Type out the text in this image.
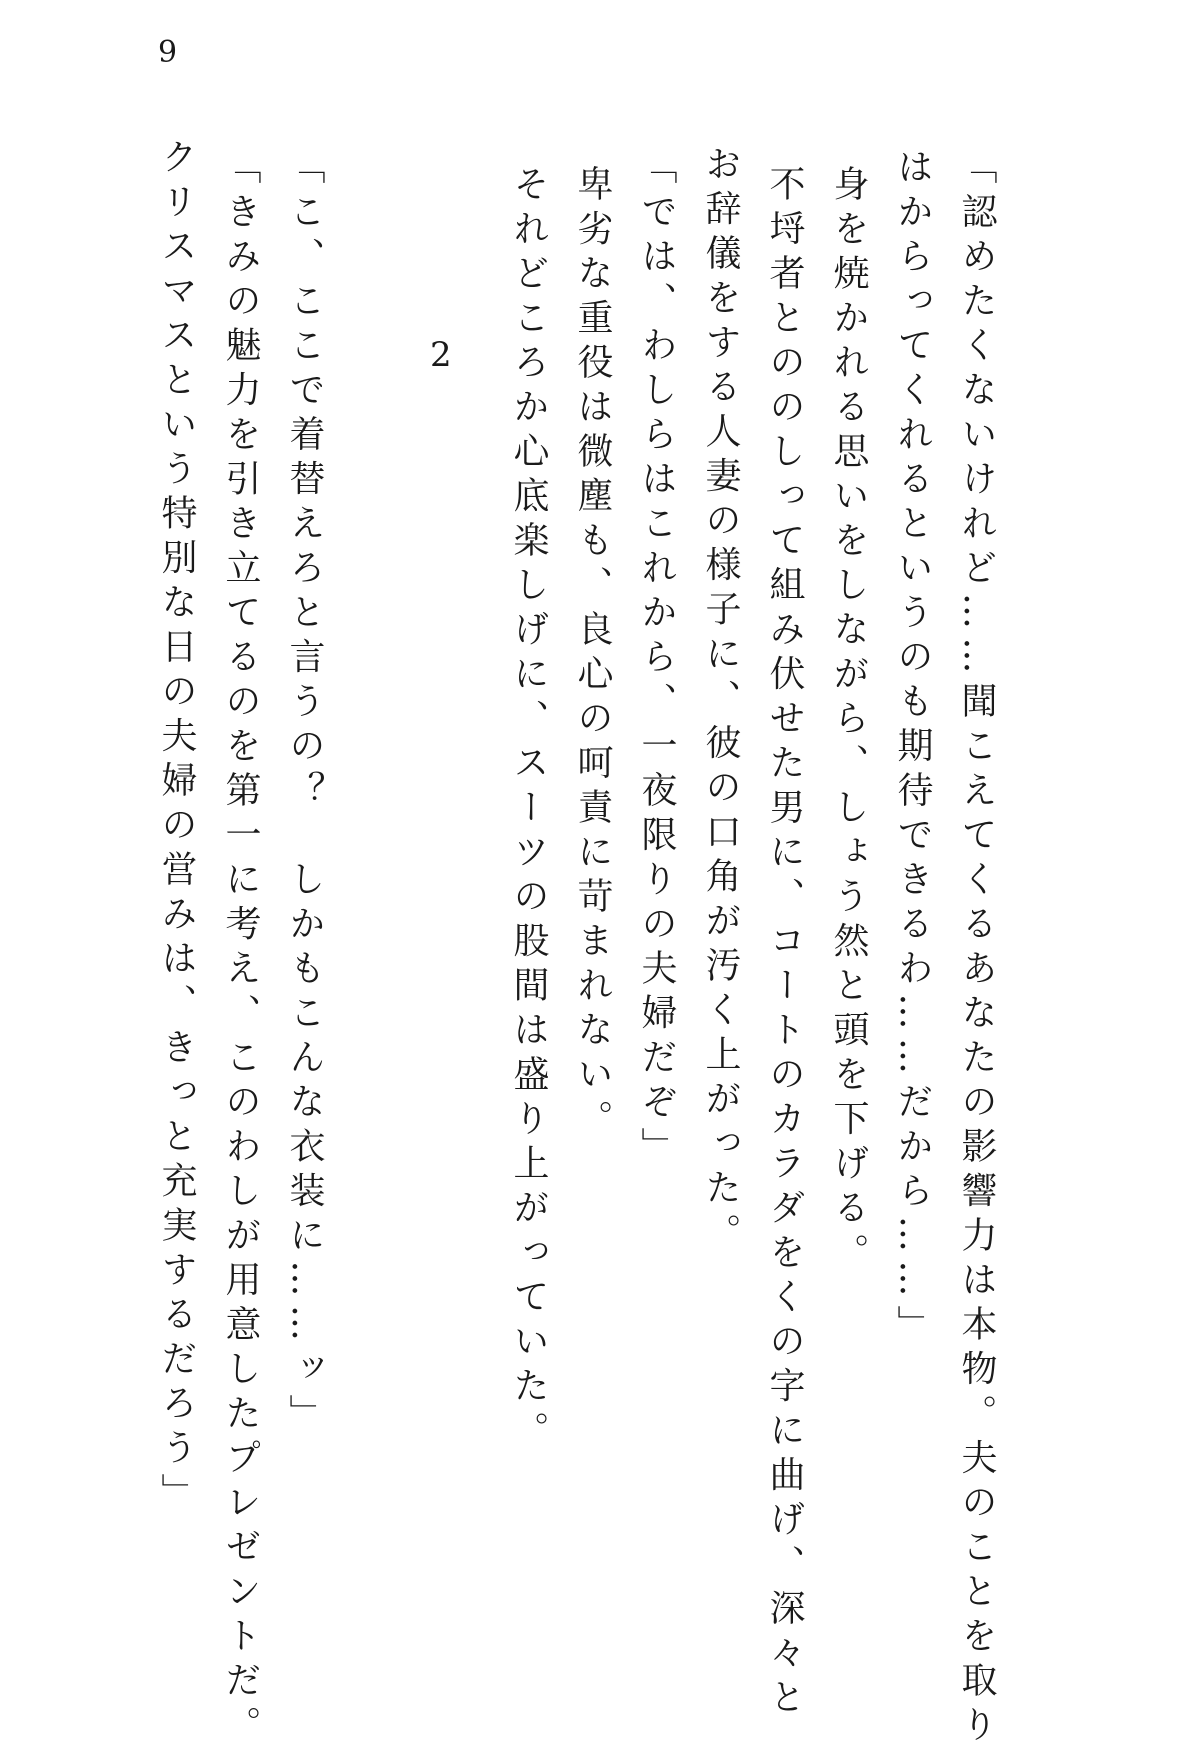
9
「認めたくないけれど……聞こえてくるあなたの影響力は本物。夫のことを取り
はからってくれるというのも期待できるわ……だから……」
身を焼かれる思いをしながら、しょう然と頭を下げる。
不埒者とののしって組み伏せた男に、コートのカラダをくの字に曲げ、深々と
お辞儀をする人妻の様子に、彼の口角が汚く上がった。
「では、わしらはこれから、一夜限りの夫婦だぞ」
卑劣な重役は微塵も、良心の呵責に苛まれない。
それどころか心底楽しげに、スーツの股間は盛り上がっていた。
2
「こ、ここで着替えろと言うの？　しかもこんな衣装に……ッ」
「きみの魅力を引き立てるのを第一に考え、このわしが用意したプレゼントだ。
クリスマスという特別な日の夫婦の営みは、きっと充実するだろう」
